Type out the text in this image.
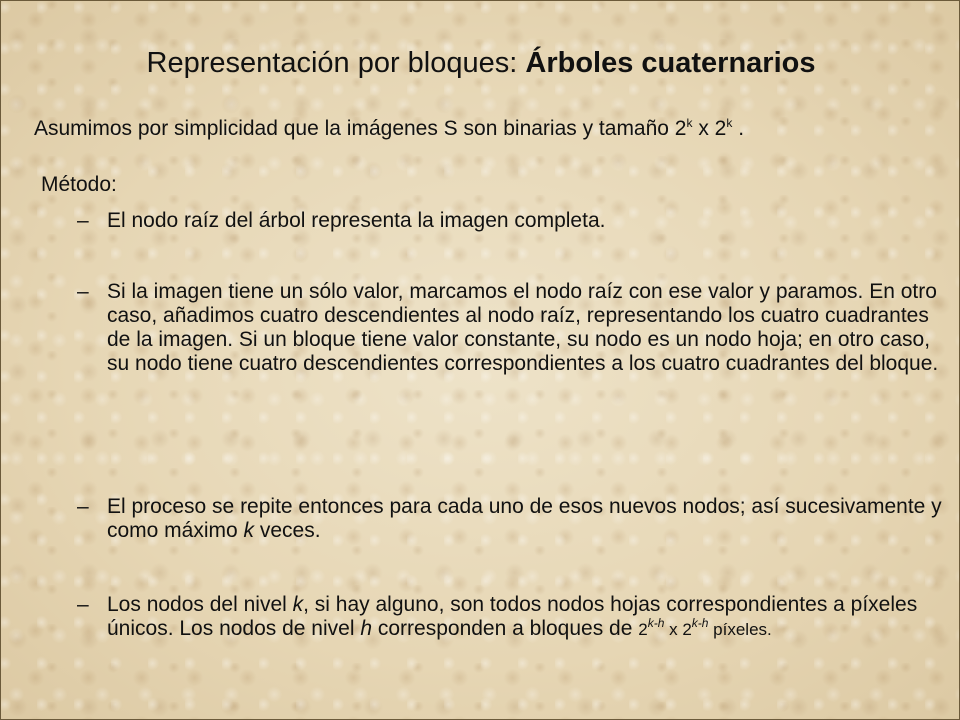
Representación por bloques: Árboles cuaternarios
Asumimos por simplicidad que la imágenes S son binarias y tamaño 2$^k$ x 2$^k$ .
Método:
– El nodo raíz del árbol representa la imagen completa.
– Si la imagen tiene un sólo valor, marcamos el nodo raíz con ese valor y paramos. En otro caso, añadimos cuatro descendientes al nodo raíz, representando los cuatro cuadrantes de la imagen. Si un bloque tiene valor constante, su nodo es un nodo hoja; en otro caso, su nodo tiene cuatro descendientes correspondientes a los cuatro cuadrantes del bloque.
– El proceso se repite entonces para cada uno de esos nuevos nodos; así sucesivamente y como máximo k veces.
– Los nodos del nivel k, si hay alguno, son todos nodos hojas correspondientes a píxeles únicos. Los nodos de nivel h corresponden a bloques de 2$^{k-h}$ x 2$^{k-h}$ píxeles.
